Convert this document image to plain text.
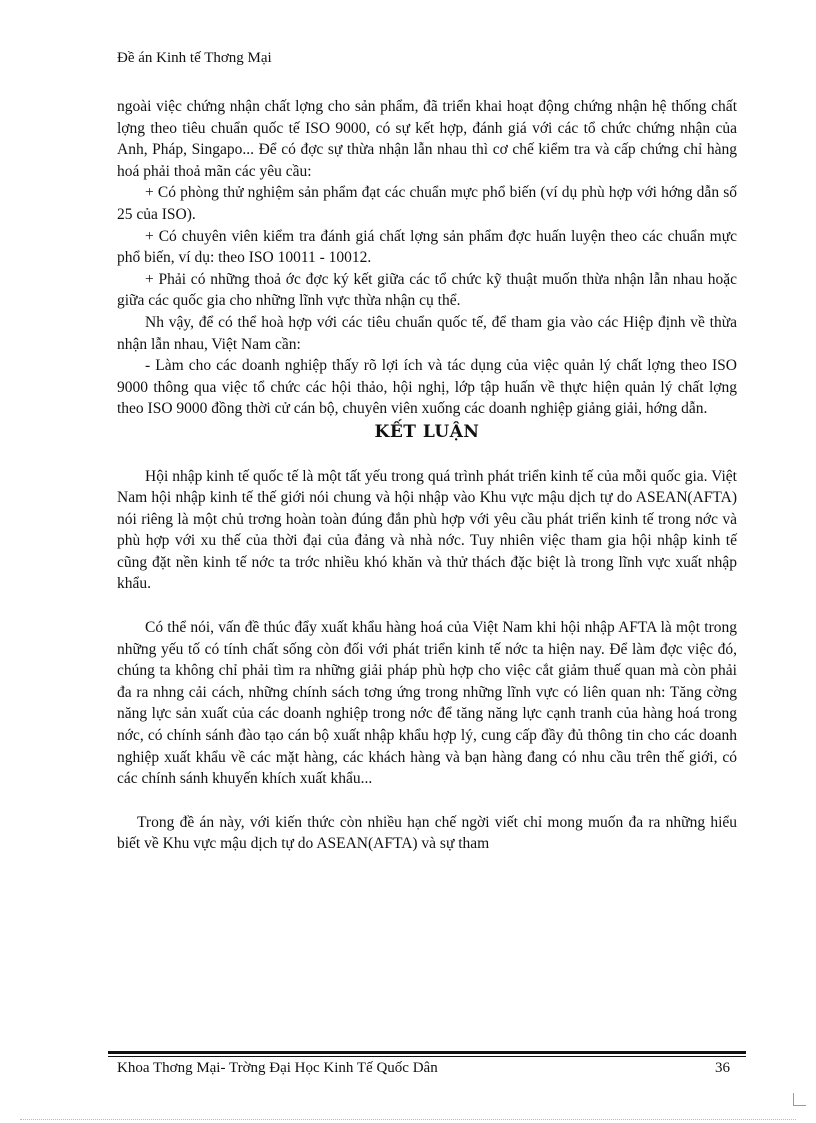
Đề án Kinh tế Thơng Mại

ngoài việc chứng nhận chất lợng cho sản phẩm, đã triển khai hoạt động chứng nhận hệ thống chất lợng theo tiêu chuẩn quốc tế ISO 9000, có sự kết hợp, đánh giá với các tổ chức chứng nhận của Anh, Pháp, Singapo... Để có đợc sự thừa nhận lẫn nhau thì cơ chế kiểm tra và cấp chứng chỉ hàng hoá phải thoả mãn các yêu cầu:

+ Có phòng thử nghiệm sản phẩm đạt các chuẩn mực phổ biến (ví dụ phù hợp với hớng dẫn số 25 của ISO).

+ Có chuyên viên kiểm tra đánh giá chất lợng sản phẩm đợc huấn luyện theo các chuẩn mực phổ biến, ví dụ: theo ISO 10011 - 10012.

+ Phải có những thoả ớc đợc ký kết giữa các tổ chức kỹ thuật muốn thừa nhận lẫn nhau hoặc giữa các quốc gia cho những lĩnh vực thừa nhận cụ thể.

Nh vậy, để có thể hoà hợp với các tiêu chuẩn quốc tế, để tham gia vào các Hiệp định về thừa nhận lẫn nhau, Việt Nam cần:

- Làm cho các doanh nghiệp thấy rõ lợi ích và tác dụng của việc quản lý chất lợng theo ISO 9000 thông qua việc tổ chức các hội thảo, hội nghị, lớp tập huấn về thực hiện quản lý chất lợng theo ISO 9000 đồng thời cử cán bộ, chuyên viên xuống các doanh nghiệp giảng giải, hớng dẫn.

KẾT LUẬN

Hội nhập kinh tế quốc tế là một tất yếu trong quá trình phát triển kinh tế của mỗi quốc gia. Việt Nam hội nhập kinh tế thế giới nói chung và hội nhập vào Khu vực mậu dịch tự do ASEAN(AFTA) nói riêng là một chủ trơng hoàn toàn đúng đắn phù hợp với yêu cầu phát triển kinh tế trong nớc và phù hợp với xu thế của thời đại của đảng và nhà nớc. Tuy nhiên việc tham gia hội nhập kinh tế cũng đặt nền kinh tế nớc ta trớc nhiều khó khăn và thử thách đặc biệt là trong lĩnh vực xuất nhập khẩu.

Có thể nói, vấn đề thúc đẩy xuất khẩu hàng hoá của Việt Nam khi hội nhập AFTA là một trong những yếu tố có tính chất sống còn đối với phát triển kinh tế nớc ta hiện nay. Để làm đợc việc đó, chúng ta không chỉ phải tìm ra những giải pháp phù hợp cho việc cắt giảm thuế quan mà còn phải đa ra nhng cải cách, những chính sách tơng ứng trong những lĩnh vực có liên quan nh: Tăng cờng năng lực sản xuất của các doanh nghiệp trong nớc để tăng năng lực cạnh tranh của hàng hoá trong nớc, có chính sánh đào tạo cán bộ xuất nhập khẩu hợp lý, cung cấp đầy đủ thông tin cho các doanh nghiệp xuất khẩu về các mặt hàng, các khách hàng và bạn hàng đang có nhu cầu trên thế giới, có các chính sánh khuyến khích xuất khẩu...

Trong đề án này, với kiến thức còn nhiều hạn chế ngời viết chỉ mong muốn đa ra những hiểu biết về Khu vực mậu dịch tự do ASEAN(AFTA) và sự tham

Khoa Thơng Mại- Trờng Đại Học Kinh Tế Quốc Dân	36
